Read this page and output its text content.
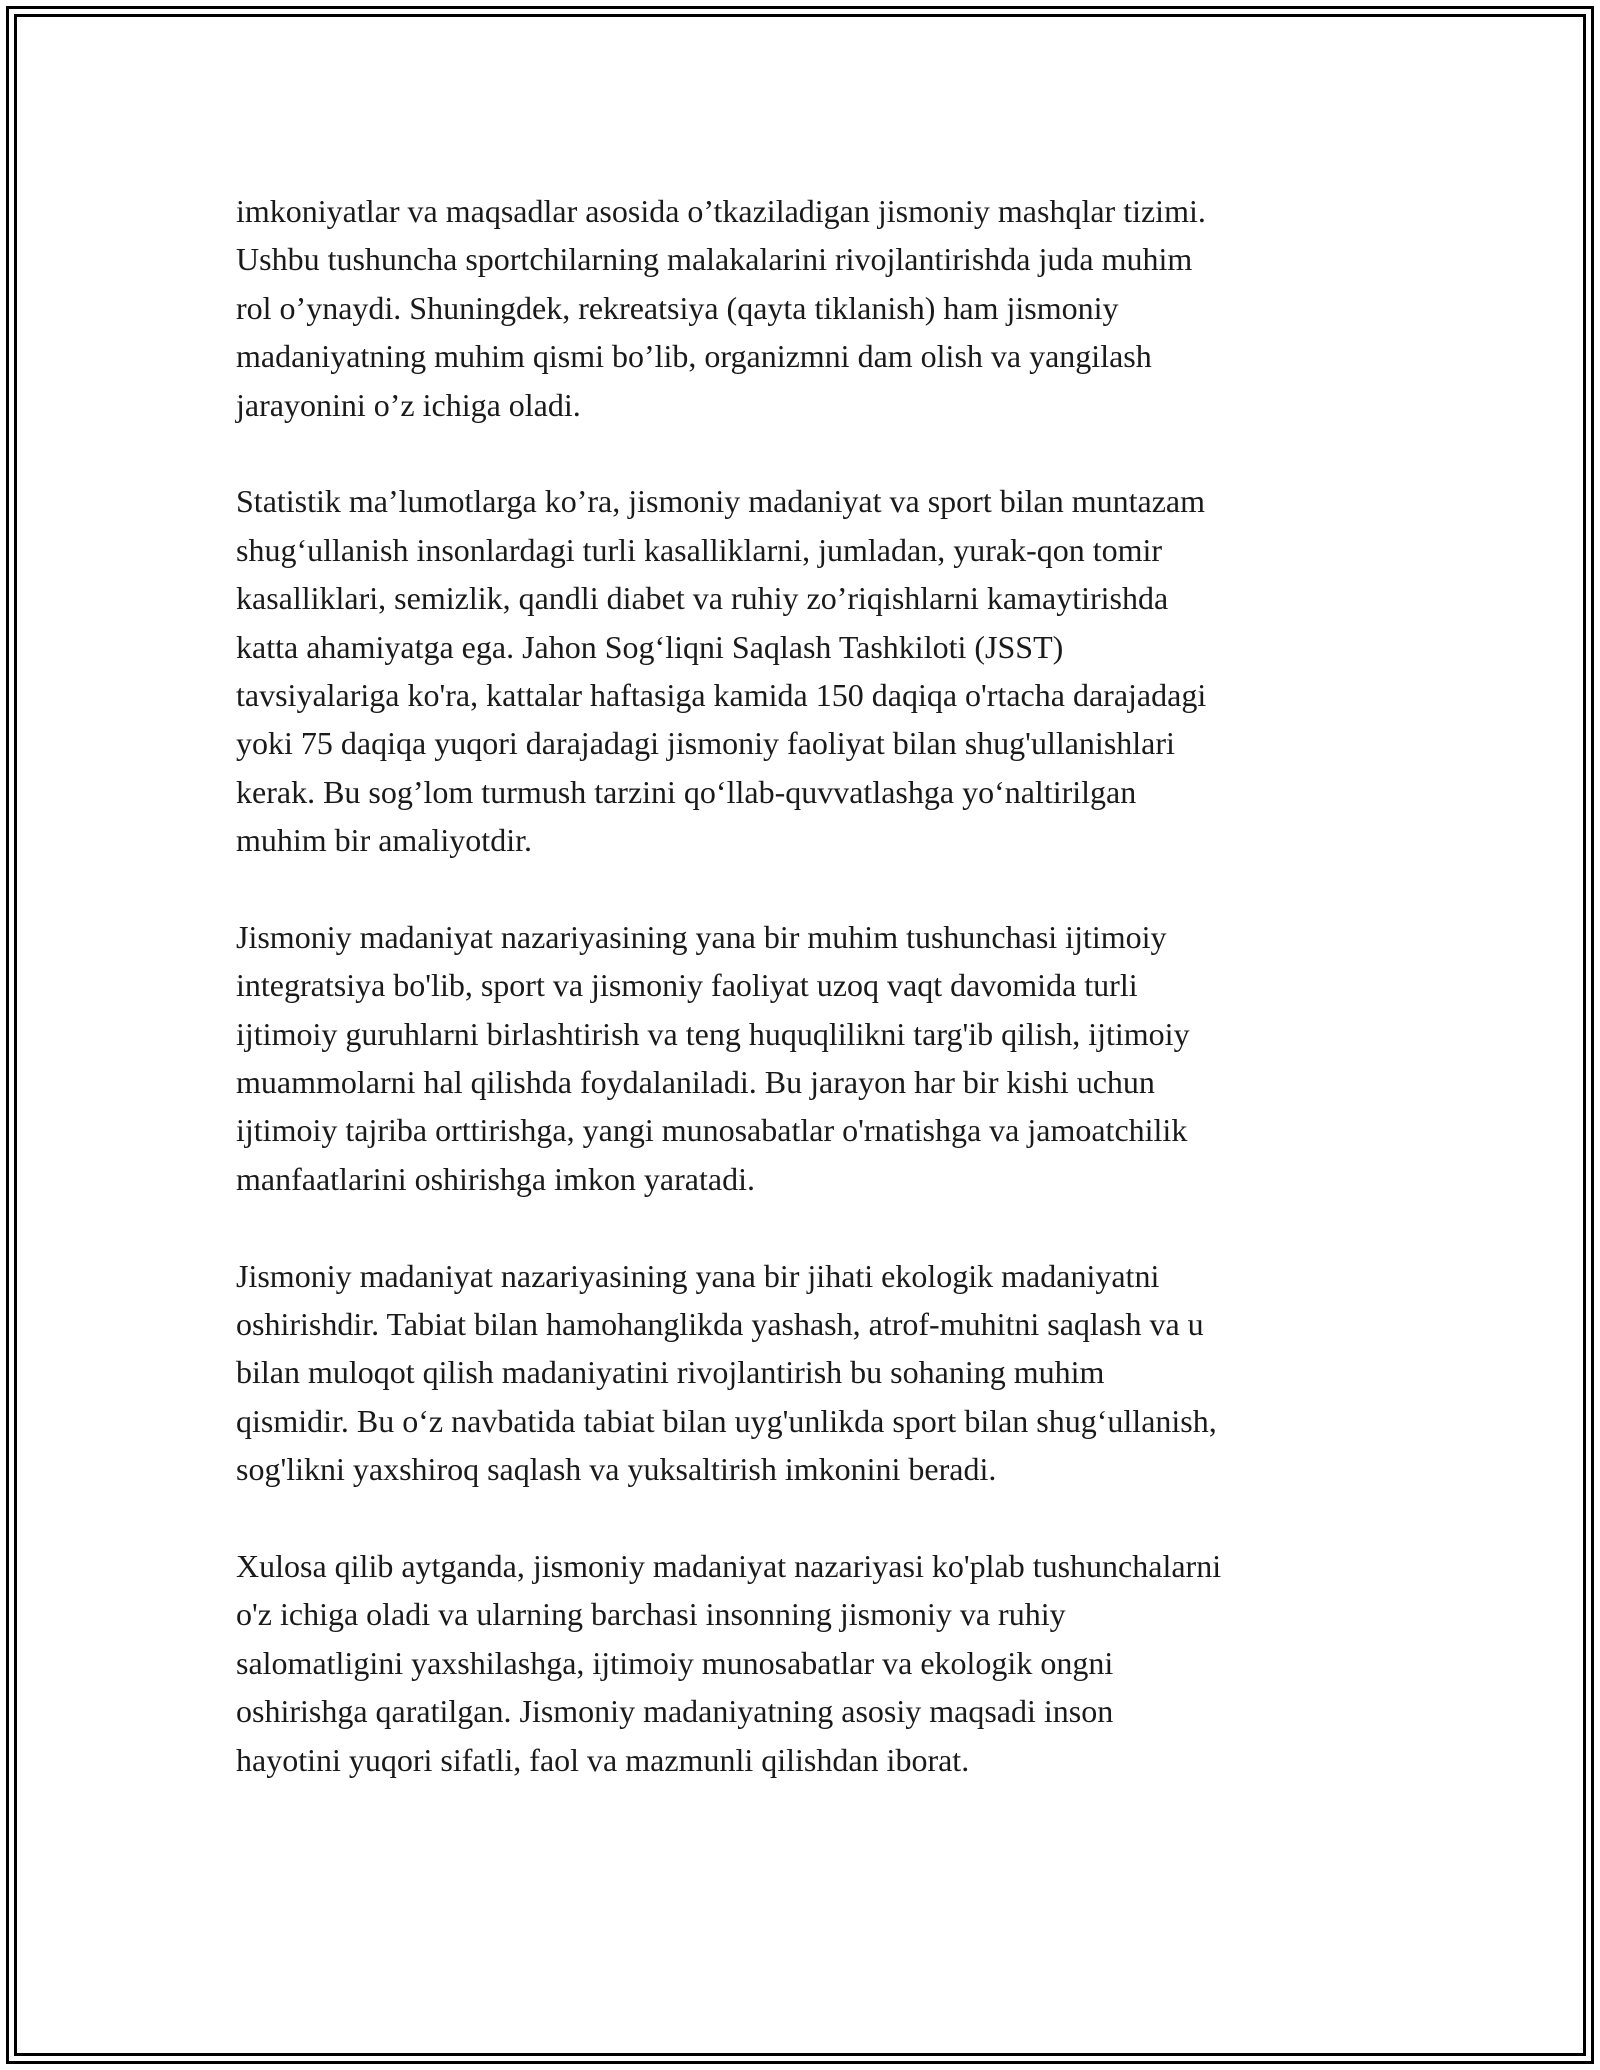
imkoniyatlar va maqsadlar asosida o’tkaziladigan jismoniy mashqlar tizimi.
Ushbu tushuncha sportchilarning malakalarini rivojlantirishda juda muhim
rol o’ynaydi. Shuningdek, rekreatsiya (qayta tiklanish) ham jismoniy
madaniyatning muhim qismi bo’lib, organizmni dam olish va yangilash
jarayonini o’z ichiga oladi.
Statistik ma’lumotlarga ko’ra, jismoniy madaniyat va sport bilan muntazam
shug‘ullanish insonlardagi turli kasalliklarni, jumladan, yurak-qon tomir
kasalliklari, semizlik, qandli diabet va ruhiy zo’riqishlarni kamaytirishda
katta ahamiyatga ega. Jahon Sog‘liqni Saqlash Tashkiloti (JSST)
tavsiyalariga ko'ra, kattalar haftasiga kamida 150 daqiqa o'rtacha darajadagi
yoki 75 daqiqa yuqori darajadagi jismoniy faoliyat bilan shug'ullanishlari
kerak. Bu sog’lom turmush tarzini qo‘llab-quvvatlashga yo‘naltirilgan
muhim bir amaliyotdir.
Jismoniy madaniyat nazariyasining yana bir muhim tushunchasi ijtimoiy
integratsiya bo'lib, sport va jismoniy faoliyat uzoq vaqt davomida turli
ijtimoiy guruhlarni birlashtirish va teng huquqlilikni targ'ib qilish, ijtimoiy
muammolarni hal qilishda foydalaniladi. Bu jarayon har bir kishi uchun
ijtimoiy tajriba orttirishga, yangi munosabatlar o'rnatishga va jamoatchilik
manfaatlarini oshirishga imkon yaratadi.
Jismoniy madaniyat nazariyasining yana bir jihati ekologik madaniyatni
oshirishdir. Tabiat bilan hamohanglikda yashash, atrof-muhitni saqlash va u
bilan muloqot qilish madaniyatini rivojlantirish bu sohaning muhim
qismidir. Bu o‘z navbatida tabiat bilan uyg'unlikda sport bilan shug‘ullanish,
sog'likni yaxshiroq saqlash va yuksaltirish imkonini beradi.
Xulosa qilib aytganda, jismoniy madaniyat nazariyasi ko'plab tushunchalarni
o'z ichiga oladi va ularning barchasi insonning jismoniy va ruhiy
salomatligini yaxshilashga, ijtimoiy munosabatlar va ekologik ongni
oshirishga qaratilgan. Jismoniy madaniyatning asosiy maqsadi inson
hayotini yuqori sifatli, faol va mazmunli qilishdan iborat.
